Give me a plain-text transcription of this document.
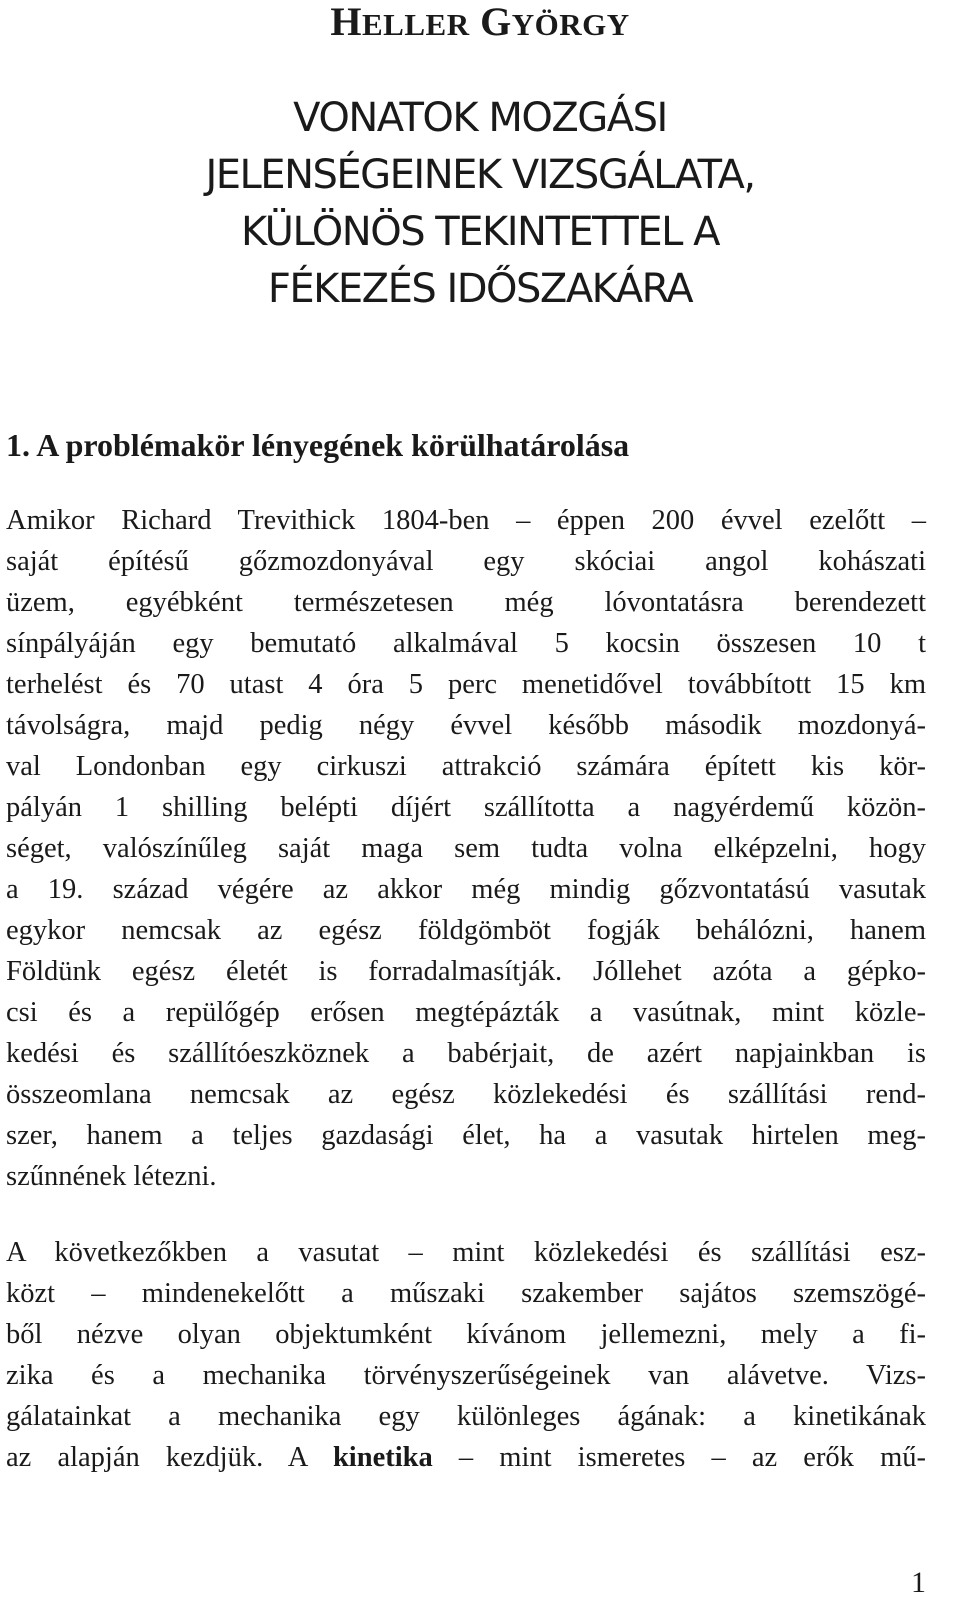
HELLER GYÖRGY
VONATOK MOZGÁSI
JELENSÉGEINEK VIZSGÁLATA,
KÜLÖNÖS TEKINTETTEL A
FÉKEZÉS IDŐSZAKÁRA
1. A problémakör lényegének körülhatárolása

Amikor Richard Trevithick 1804-ben – éppen 200 évvel ezelőtt –
saját építésű gőzmozdonyával egy skóciai angol kohászati
üzem, egyébként természetesen még lóvontatásra berendezett
sínpályáján egy bemutató alkalmával 5 kocsin összesen 10 t
terhelést és 70 utast 4 óra 5 perc menetidővel továbbított 15 km
távolságra, majd pedig négy évvel később második mozdonyá-
val Londonban egy cirkuszi attrakció számára épített kis kör-
pályán 1 shilling belépti díjért szállította a nagyérdemű közön-
séget, valószínűleg saját maga sem tudta volna elképzelni, hogy
a 19. század végére az akkor még mindig gőzvontatású vasutak
egykor nemcsak az egész földgömböt fogják behálózni, hanem
Földünk egész életét is forradalmasítják. Jóllehet azóta a gépko-
csi és a repülőgép erősen megtépázták a vasútnak, mint közle-
kedési és szállítóeszköznek a babérjait, de azért napjainkban is
összeomlana nemcsak az egész közlekedési és szállítási rend-
szer, hanem a teljes gazdasági élet, ha a vasutak hirtelen meg-
szűnnének létezni.

A következőkben a vasutat – mint közlekedési és szállítási esz-
közt – mindenekelőtt a műszaki szakember sajátos szemszögé-
ből nézve olyan objektumként kívánom jellemezni, mely a fi-
zika és a mechanika törvényszerűségeinek van alávetve. Vizs-
gálatainkat a mechanika egy különleges ágának: a kinetikának
az alapján kezdjük. A kinetika – mint ismeretes – az erők mű-

1
